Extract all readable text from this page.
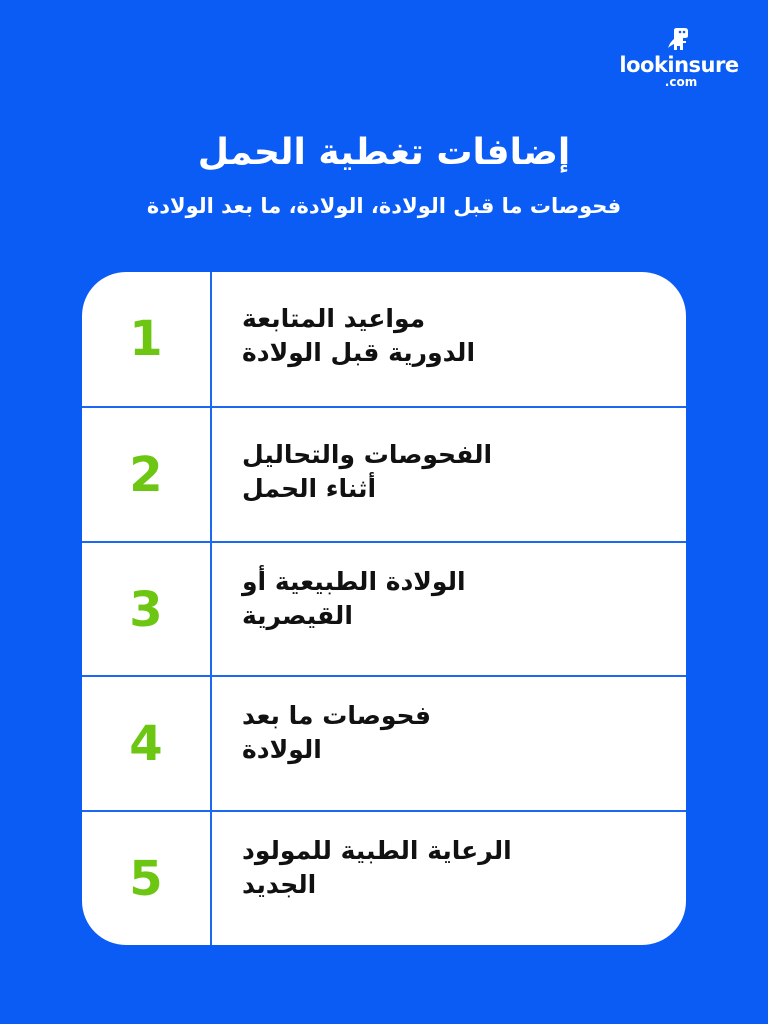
lookinsure
.com
إضافات تغطية الحمل
فحوصات ما قبل الولادة، الولادة، ما بعد الولادة
1	مواعيد المتابعة
الدورية قبل الولادة
2	الفحوصات والتحاليل
أثناء الحمل
3
الولادة الطبيعية أو
القيصرية
4
فحوصات ما بعد
الولادة
5
الرعاية الطبية للمولود
الجديد
